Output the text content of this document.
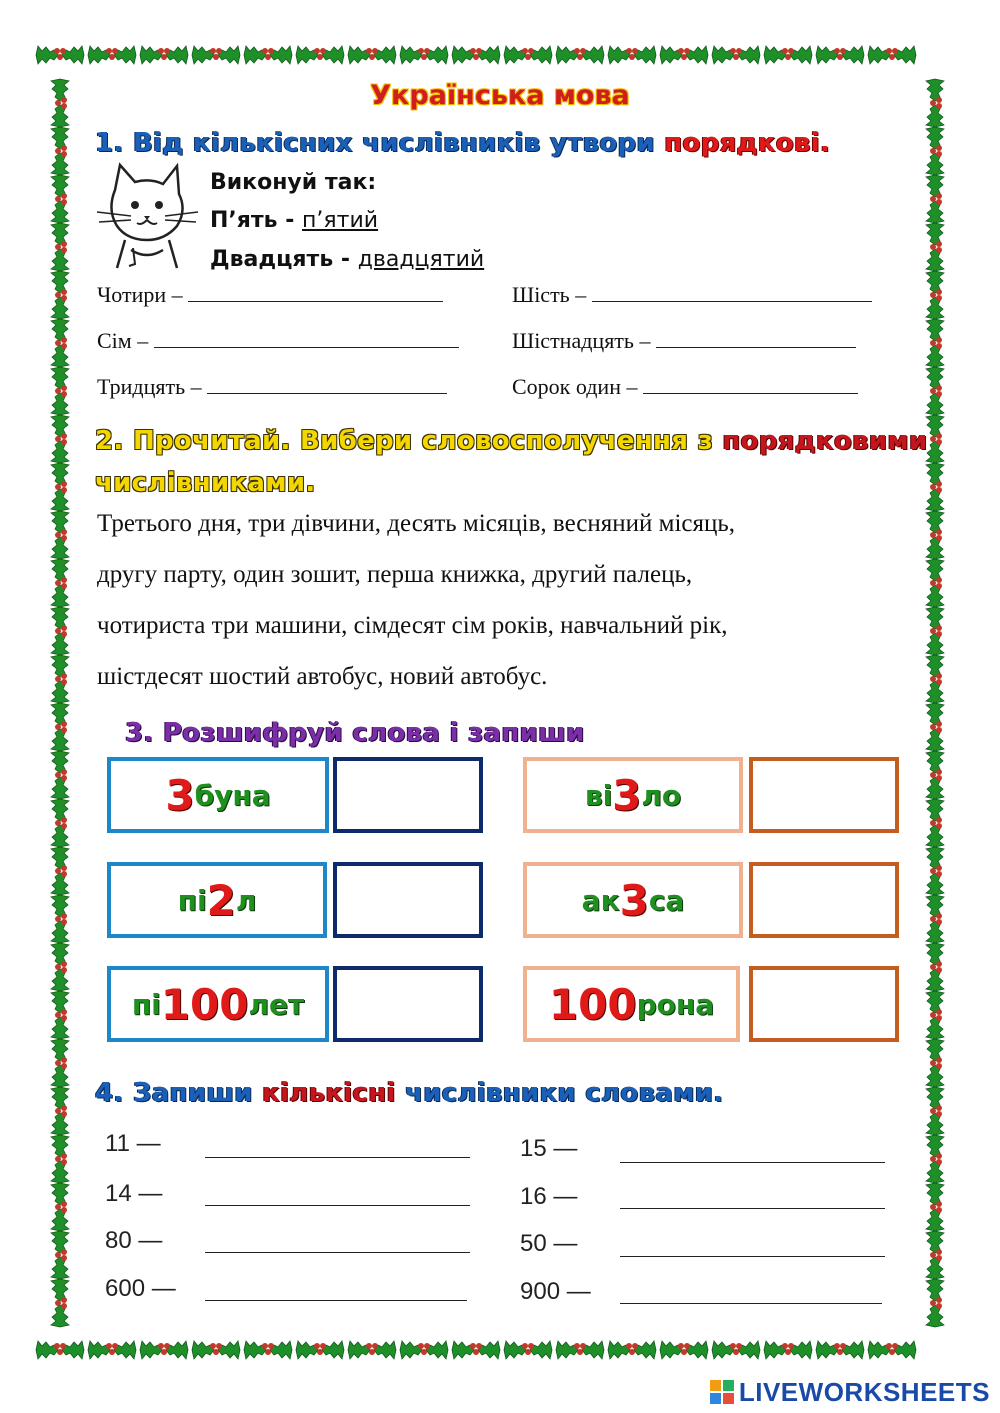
Українська мова
1. Від кількісних числівників утвори порядкові.
Виконуй так:
П’ять - п’ятий
Двадцять - двадцятий
Чотири –	Шість –
Сім –	Шістнадцять –
Тридцять –	Сорок один –
2. Прочитай. Вибери словосполучення з порядковими
числівниками.
Третього дня, три дівчини, десять місяців, весняний місяць,
другу парту, один зошит, перша книжка, другий палець,
чотириста три машини, сімдесят сім років, навчальний рік,
шістдесят шостий автобус, новий автобус.
3. Розшифруй слова і запиши
3 буна
пі 2 л
пі 100 лет
ві 3 ло
ак 3 са
100 рона
4. Запиши кількісні числівники словами.
11 —
14 —
80 —
600 —
15 —
16 —
50 —
900 —
LIVEWORKSHEETS
